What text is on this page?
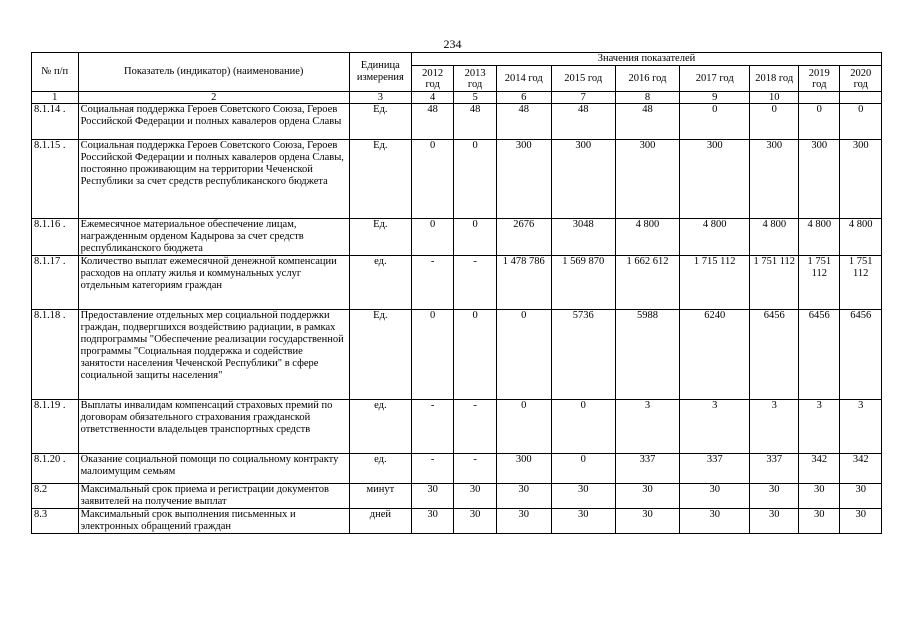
234
№ п/п	Показатель (индикатор) (наименование)	Единица измерения	Значения показателей								
			2012 год	2013 год	2014 год	2015 год	2016 год	2017 год	2018 год	2019 год	2020 год
1	2	3	4	5	6	7	8	9	10		
8.1.14 .	Социальная поддержка Героев Советского Союза, Героев Российской Федерации и полных кавалеров ордена Славы	Ед.	48	48	48	48	48	0	0	0	0
8.1.15 .	Социальная поддержка Героев Советского Союза, Героев Российской Федерации и полных кавалеров ордена Славы, постоянно проживающим на территории Чеченской Республики за счет средств республиканского бюджета	Ед.	0	0	300	300	300	300	300	300	300
8.1.16 .	Ежемесячное материальное обеспечение лицам, награжденным орденом Кадырова за счет средств республиканского бюджета	Ед.	0	0	2676	3048	4 800	4 800	4 800	4 800	4 800
8.1.17 .	Количество выплат ежемесячной денежной компенсации расходов на оплату жилья и коммунальных услуг отдельным категориям граждан	ед.	-	-	1 478 786	1 569 870	1 662 612	1 715 112	1 751 112	1 751 112	1 751 112
8.1.18 .	Предоставление отдельных мер социальной поддержки граждан, подвергшихся воздействию радиации, в рамках подпрограммы "Обеспечение реализации государственной программы "Социальная поддержка и содействие занятости населения Чеченской Республики" в сфере социальной защиты населения"	Ед.	0	0	0	5736	5988	6240	6456	6456	6456
8.1.19 .	Выплаты инвалидам компенсаций страховых премий по договорам обязательного страхования гражданской ответственности владельцев транспортных средств	ед.	-	-	0	0	3	3	3	3	3
8.1.20 .	Оказание социальной помощи по социальному контракту малоимущим семьям	ед.	-	-	300	0	337	337	337	342	342
8.2	Максимальный срок приема и регистрации документов заявителей на получение выплат	минут	30	30	30	30	30	30	30	30	30
8.3	Максимальный срок выполнения письменных и электронных обращений граждан	дней	30	30	30	30	30	30	30	30	30
